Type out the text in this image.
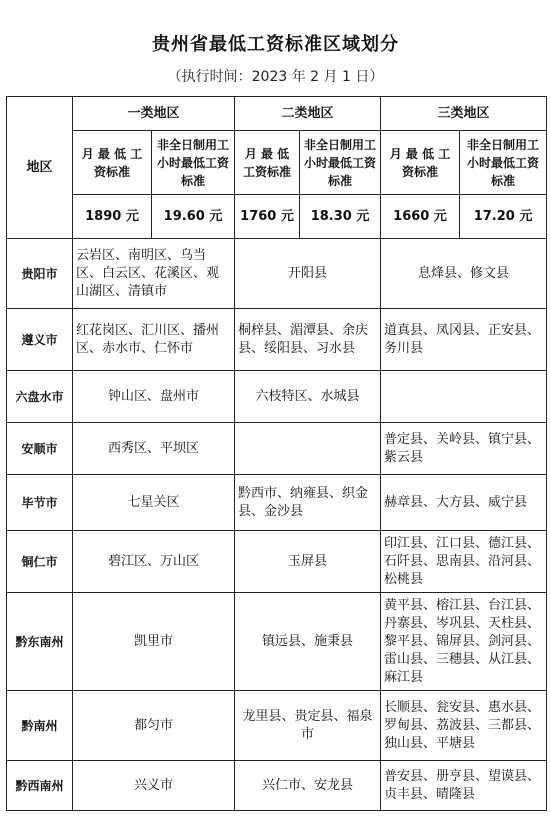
贵州省最低工资标准区域划分
（执行时间：2023 年 2 月 1 日）
地区	一类地区		二类地区		三类地区	
	月 最 低 工资标准	非全日制用工小时最低工资标准	月 最 低 工资标准	非全日制用工小时最低工资标准	月 最 低 工资标准	非全日制用工小时最低工资标准
	1890 元	19.60 元	1760 元	18.30 元	1660 元	17.20 元
贵阳市	云岩区、南明区、乌当区、白云区、花溪区、观山湖区、清镇市		开阳县		息烽县、修文县	
遵义市	红花岗区、汇川区、播州区、赤水市、仁怀市		桐梓县、湄潭县、余庆县、绥阳县、习水县		道真县、凤冈县、正安县、务川县	
六盘水市	钟山区、盘州市		六枝特区、水城县			
安顺市	西秀区、平坝区				普定县、关岭县、镇宁县、紫云县	
毕节市	七星关区		黔西市、纳雍县、织金县、金沙县		赫章县、大方县、威宁县	
铜仁市	碧江区、万山区		玉屏县		印江县、江口县、德江县、石阡县、思南县、沿河县、松桃县	
黔东南州	凯里市		镇远县、施秉县		黄平县、榕江县、台江县、丹寨县、岑巩县、天柱县、黎平县、锦屏县、剑河县、雷山县、三穗县、从江县、麻江县	
黔南州	都匀市		龙里县、贵定县、福泉市		长顺县、瓮安县、惠水县、罗甸县、荔波县、三都县、独山县、平塘县	
黔西南州	兴义市		兴仁市、安龙县		普安县、册亨县、望谟县、贞丰县、晴隆县	
